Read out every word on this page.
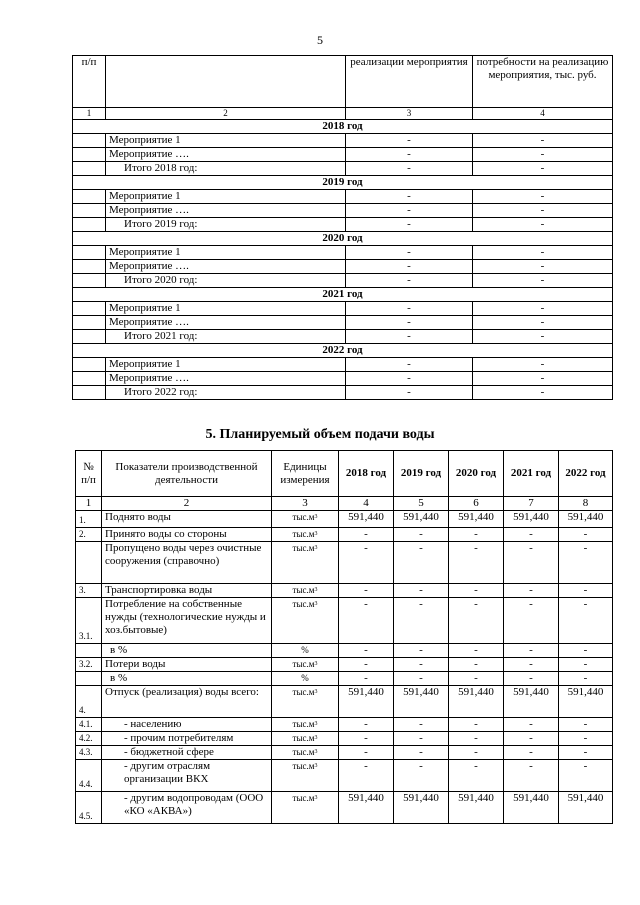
5
п/п		реализации мероприятия	потребности на реализацию мероприятия, тыс. руб.
1	2	3	4
2018 год			
	Мероприятие 1	-	-
	Мероприятие ….	-	-
	Итого 2018 год:	-	-
2019 год			
	Мероприятие 1	-	-
	Мероприятие ….	-	-
	Итого 2019 год:	-	-
2020 год			
	Мероприятие 1	-	-
	Мероприятие ….	-	-
	Итого 2020 год:	-	-
2021 год			
	Мероприятие 1	-	-
	Мероприятие ….	-	-
	Итого 2021 год:	-	-
2022 год			
	Мероприятие 1	-	-
	Мероприятие ….	-	-
	Итого 2022 год:	-	-
5. Планируемый объем подачи воды
№ п/п	Показатели производственной деятельности	Единицы измерения	2018 год	2019 год	2020 год	2021 год	2022 год
1	2	3	4	5	6	7	8
1.	Поднято воды	$тыс.м^3$	591,440	591,440	591,440	591,440	591,440
2.	Принято воды со стороны	$тыс.м^3$	-	-	-	-	-
	Пропущено воды через очистные сооружения (справочно)	$тыс.м^3$	-	-	-	-	-
3.	Транспортировка воды	$тыс.м^3$	-	-	-	-	-
3.1.	Потребление на собственные нужды (технологические нужды и хоз.бытовые)	$тыс.м^3$	-	-	-	-	-
	в %	%	-	-	-	-	-
3.2.	Потери воды	$тыс.м^3$	-	-	-	-	-
	в %	%	-	-	-	-	-
4.	Отпуск (реализация) воды всего:	$тыс.м^3$	591,440	591,440	591,440	591,440	591,440
4.1.	- населению	$тыс.м^3$	-	-	-	-	-
4.2.	- прочим потребителям	$тыс.м^3$	-	-	-	-	-
4.3.	- бюджетной сфере	$тыс.м^3$	-	-	-	-	-
4.4.	- другим отраслям организации ВКХ	$тыс.м^3$	-	-	-	-	-
4.5.	- другим водопроводам (ООО «КО «АКВА»)	$тыс.м^3$	591,440	591,440	591,440	591,440	591,440
